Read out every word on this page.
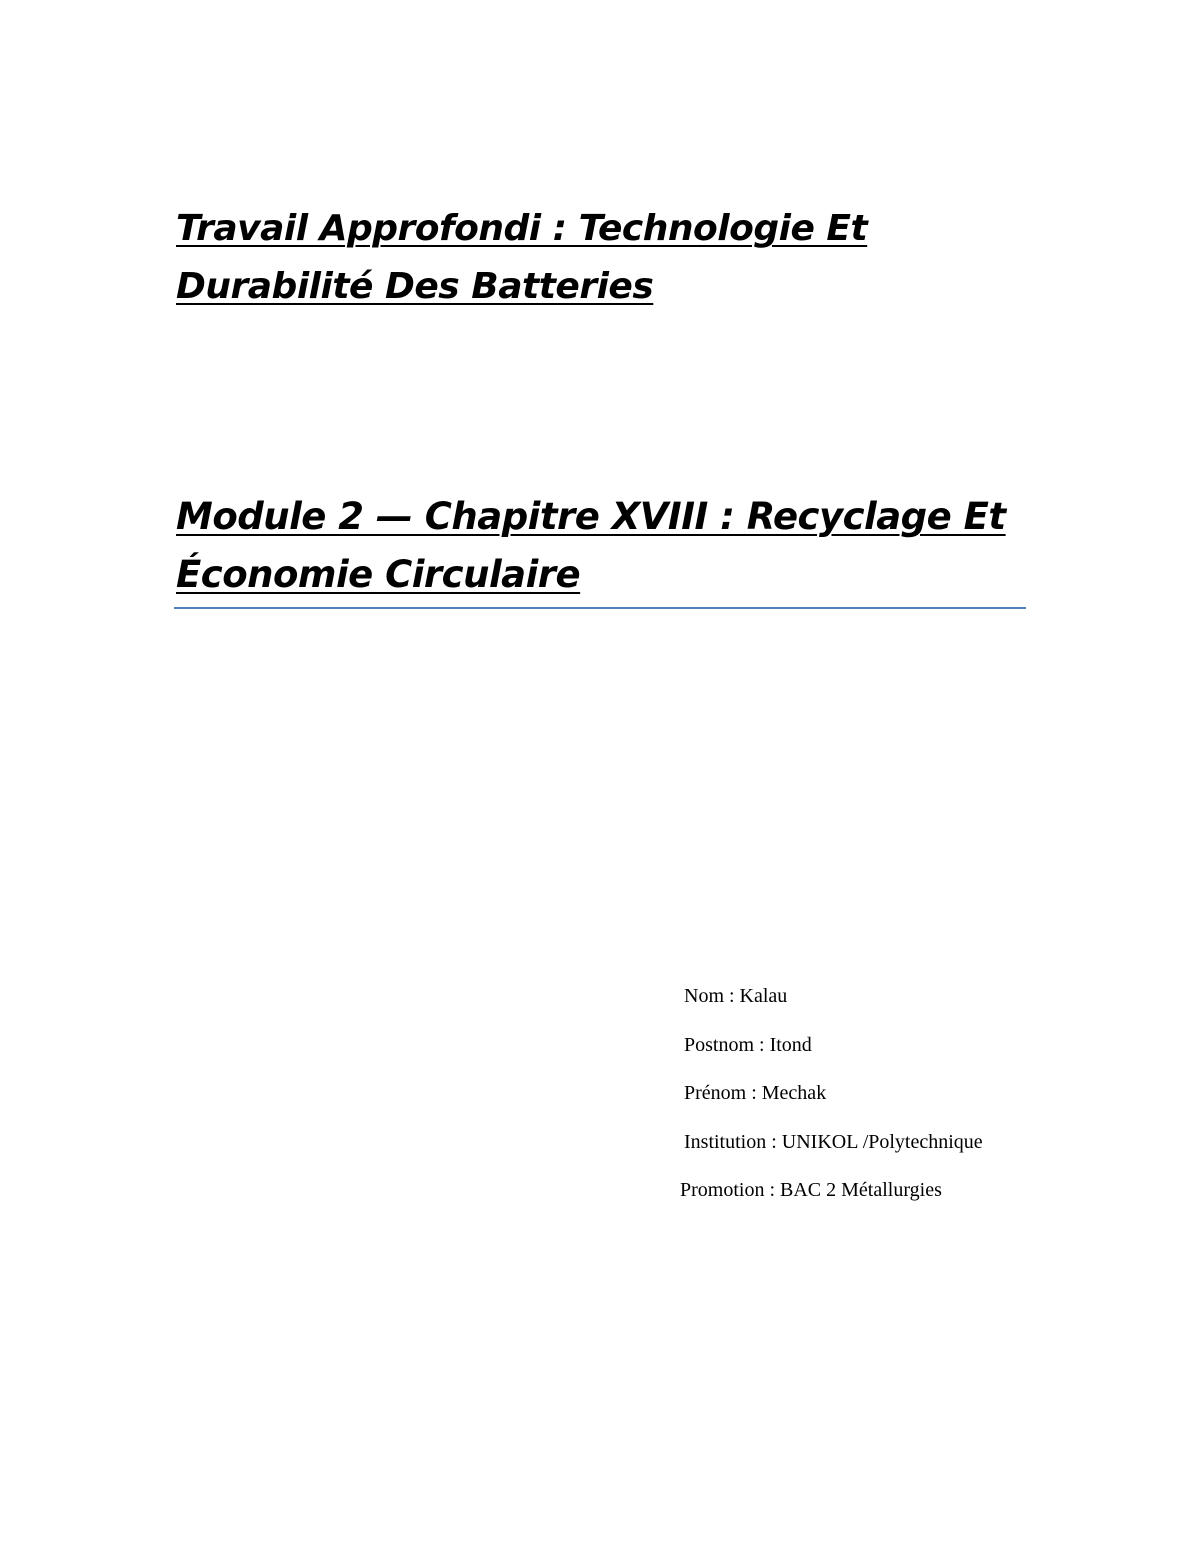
Travail Approfondi : Technologie Et
Durabilité Des Batteries
Module 2 — Chapitre XVIII : Recyclage Et
Économie Circulaire
Nom : Kalau
Postnom : Itond
Prénom : Mechak
Institution : UNIKOL /Polytechnique
Promotion : BAC 2 Métallurgies
